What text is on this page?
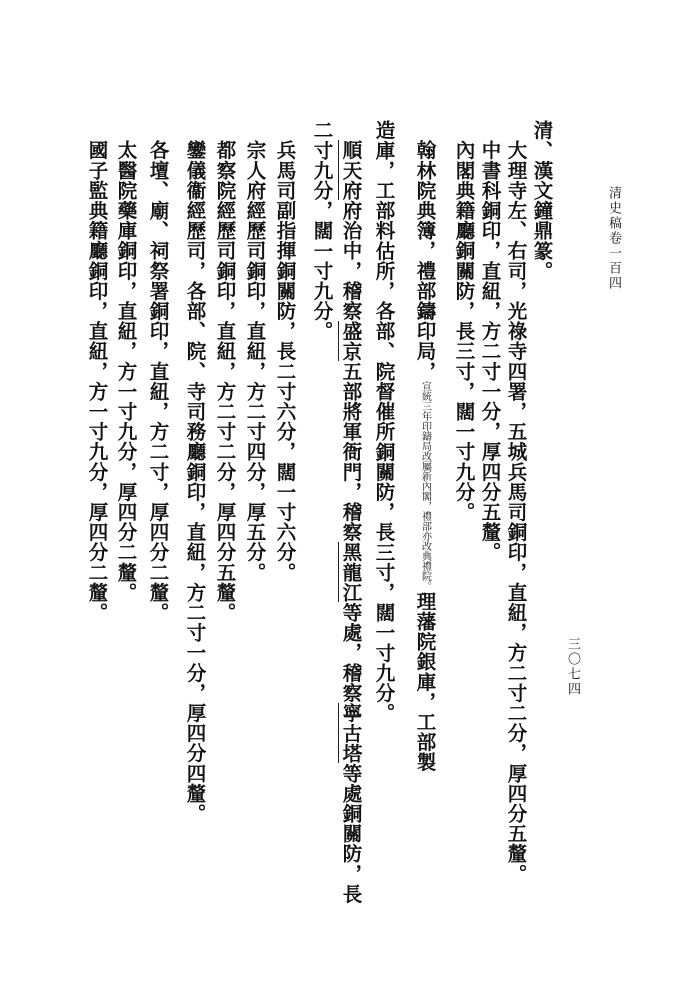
清史稿卷一百四
三〇七四
清、漢文鐘鼎篆。
大理寺左、右司，光祿寺四署，五城兵馬司銅印，直紐，方二寸二分，厚四分五釐。
中書科銅印，直紐，方二寸一分，厚四分五釐。
內閣典籍廳銅關防，長三寸，闊一寸九分。
翰林院典簿，禮部鑄印局，宣統三年印鑄局改屬新內閣，禮部亦改典禮院。理藩院銀庫，工部製
造庫，工部料估所，各部、院督催所銅關防，長三寸，闊一寸九分。
順天府府治中，稽察盛京五部將軍衙門，稽察黑龍江等處，稽察寧古塔等處銅關防，長
二寸九分，闊一寸九分。
兵馬司副指揮銅關防，長二寸六分，闊一寸六分。
宗人府經歷司銅印，直紐，方二寸四分，厚五分。
都察院經歷司銅印，直紐，方二寸二分，厚四分五釐。
鑾儀衞經歷司，各部、院、寺司務廳銅印，直紐，方二寸一分，厚四分四釐。
各壇、廟、祠祭署銅印，直紐，方二寸，厚四分二釐。
太醫院藥庫銅印，直紐，方一寸九分，厚四分二釐。
國子監典籍廳銅印，直紐，方一寸九分，厚四分二釐。
